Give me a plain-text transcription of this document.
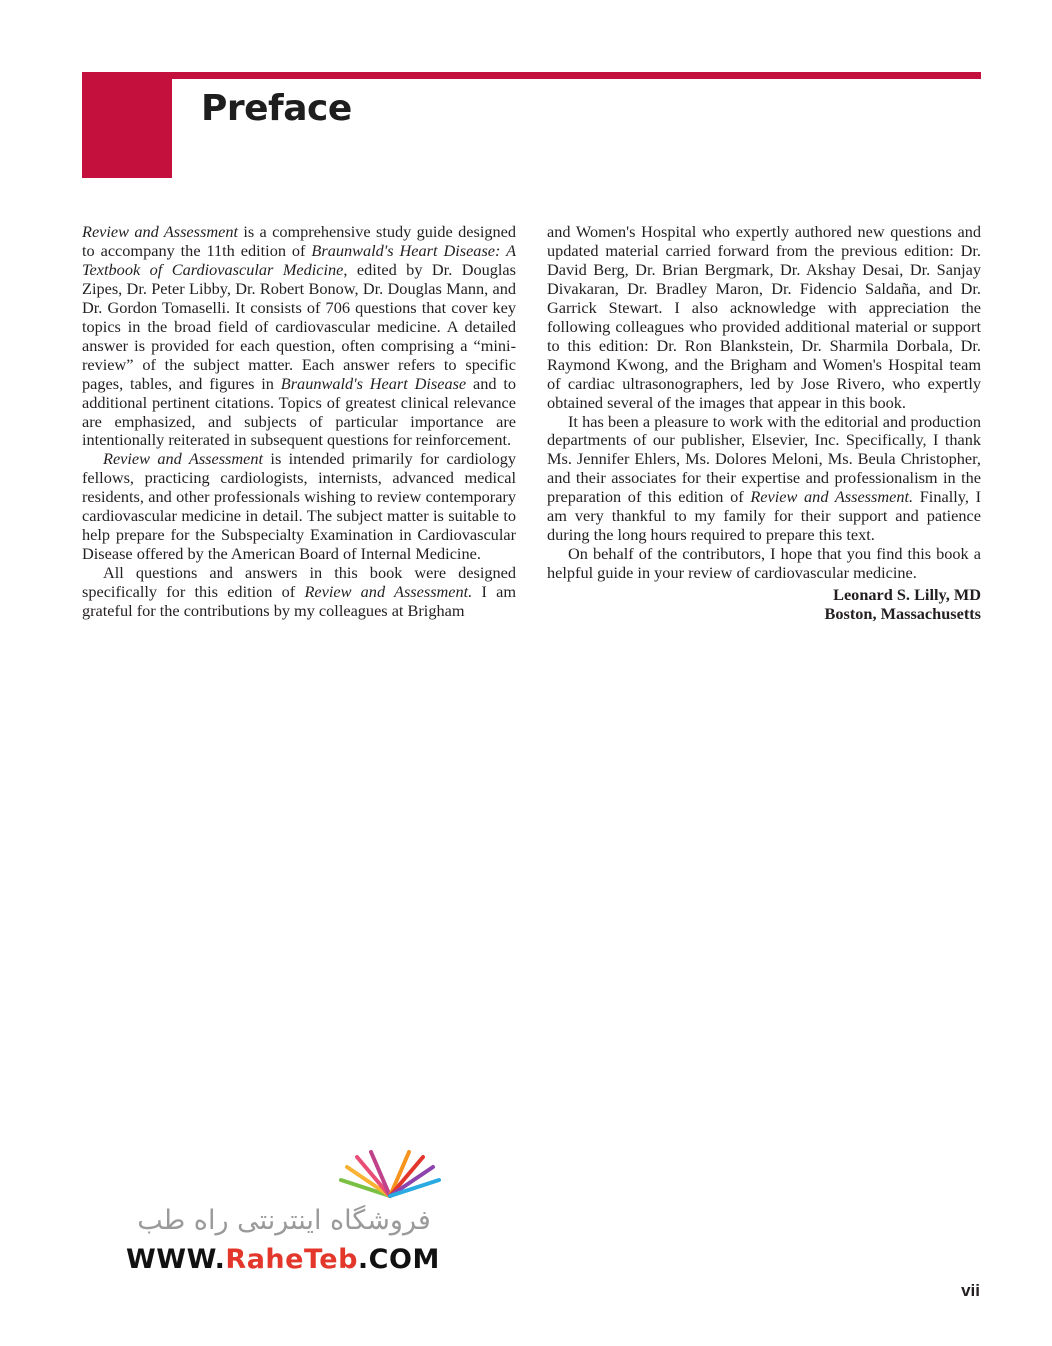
Preface

Review and Assessment is a comprehensive study guide designed to accompany the 11th edition of Braunwald's Heart Disease: A Textbook of Cardiovascular Medicine, edited by Dr. Douglas Zipes, Dr. Peter Libby, Dr. Robert Bonow, Dr. Douglas Mann, and Dr. Gordon Tomaselli. It consists of 706 questions that cover key topics in the broad field of cardiovascular medicine. A detailed answer is provided for each question, often comprising a “mini-review” of the subject matter. Each answer refers to specific pages, tables, and figures in Braunwald's Heart Disease and to additional pertinent citations. Topics of greatest clinical relevance are emphasized, and subjects of particular importance are intentionally reiterated in subsequent questions for reinforcement.

Review and Assessment is intended primarily for cardiology fellows, practicing cardiologists, internists, advanced medical residents, and other professionals wishing to review contemporary cardiovascular medicine in detail. The subject matter is suitable to help prepare for the Subspecialty Examination in Cardiovascular Disease offered by the American Board of Internal Medicine.

All questions and answers in this book were designed specifically for this edition of Review and Assessment. I am grateful for the contributions by my colleagues at Brigham

and Women's Hospital who expertly authored new questions and updated material carried forward from the previous edition: Dr. David Berg, Dr. Brian Bergmark, Dr. Akshay Desai, Dr. Sanjay Divakaran, Dr. Bradley Maron, Dr. Fidencio Saldaña, and Dr. Garrick Stewart. I also acknowledge with appreciation the following colleagues who provided additional material or support to this edition: Dr. Ron Blankstein, Dr. Sharmila Dorbala, Dr. Raymond Kwong, and the Brigham and Women's Hospital team of cardiac ultrasonographers, led by Jose Rivero, who expertly obtained several of the images that appear in this book.

It has been a pleasure to work with the editorial and production departments of our publisher, Elsevier, Inc. Specifically, I thank Ms. Jennifer Ehlers, Ms. Dolores Meloni, Ms. Beula Christopher, and their associates for their expertise and professionalism in the preparation of this edition of Review and Assessment. Finally, I am very thankful to my family for their support and patience during the long hours required to prepare this text.

On behalf of the contributors, I hope that you find this book a helpful guide in your review of cardiovascular medicine.

Leonard S. Lilly, MD
Boston, Massachusetts
فروشگاه اینترنتی راه طب
WWW.RaheTeb.COM
vii
